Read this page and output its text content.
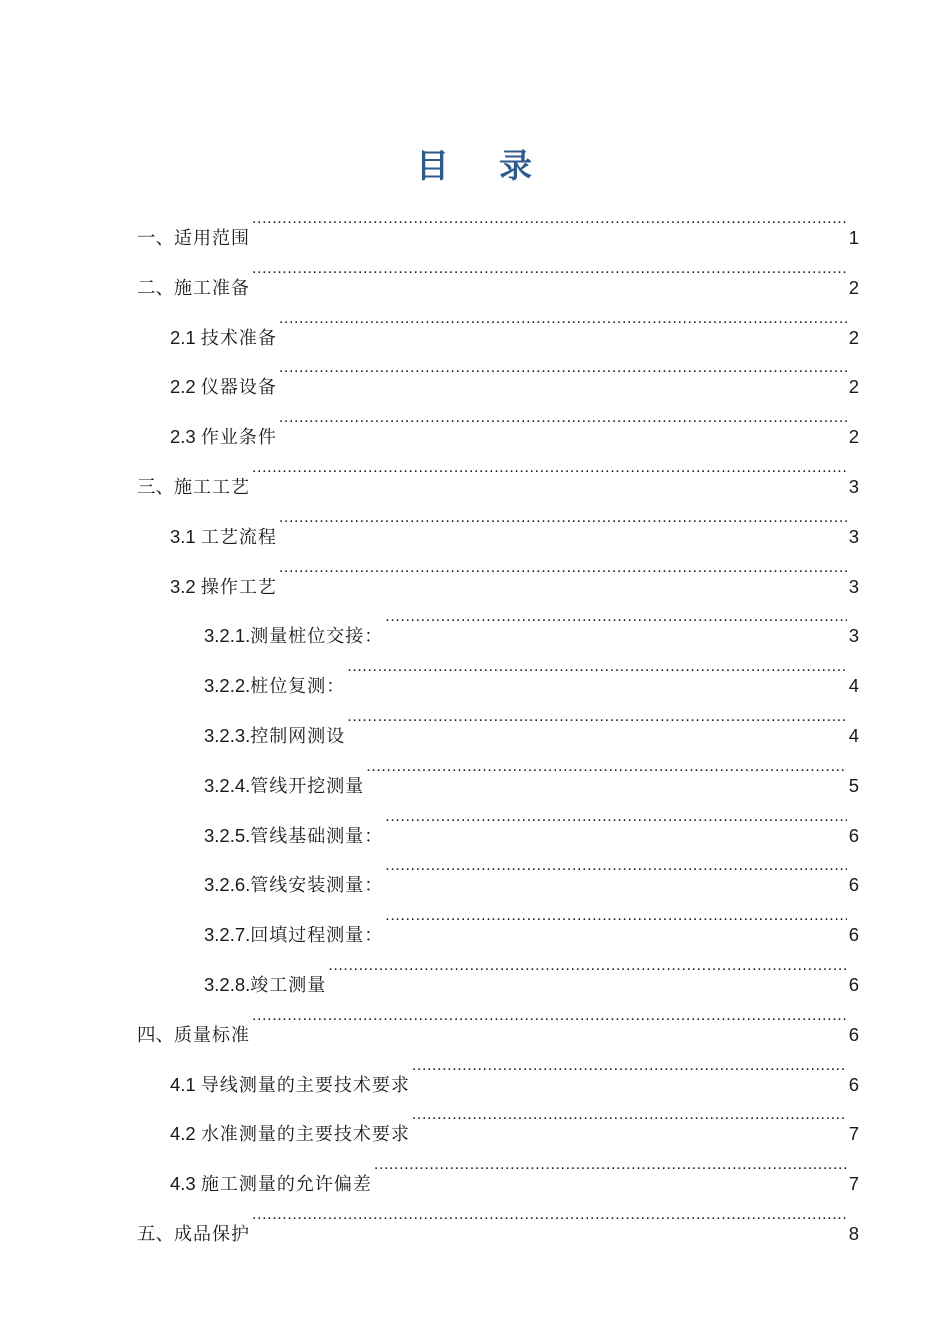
目 录
一、适用范围 .....	1
二、施工准备 .....	2
2.1 技术准备 .....	2
2.2 仪器设备 .....	2
2.3 作业条件 .....	2
三、施工工艺 .....	3
3.1 工艺流程 .....	3
3.2 操作工艺 .....	3
3.2.1.测量桩位交接： .....	3
3.2.2.桩位复测： .....	4
3.2.3.控制网测设 .....	4
3.2.4.管线开挖测量 .....	5
3.2.5.管线基础测量： .....	6
3.2.6.管线安装测量： .....	6
3.2.7.回填过程测量： .....	6
3.2.8.竣工测量 .....	6
四、质量标准 .....	6
4.1 导线测量的主要技术要求 .....	6
4.2 水准测量的主要技术要求 .....	7
4.3 施工测量的允许偏差 .....	7
五、成品保护 .....	8
